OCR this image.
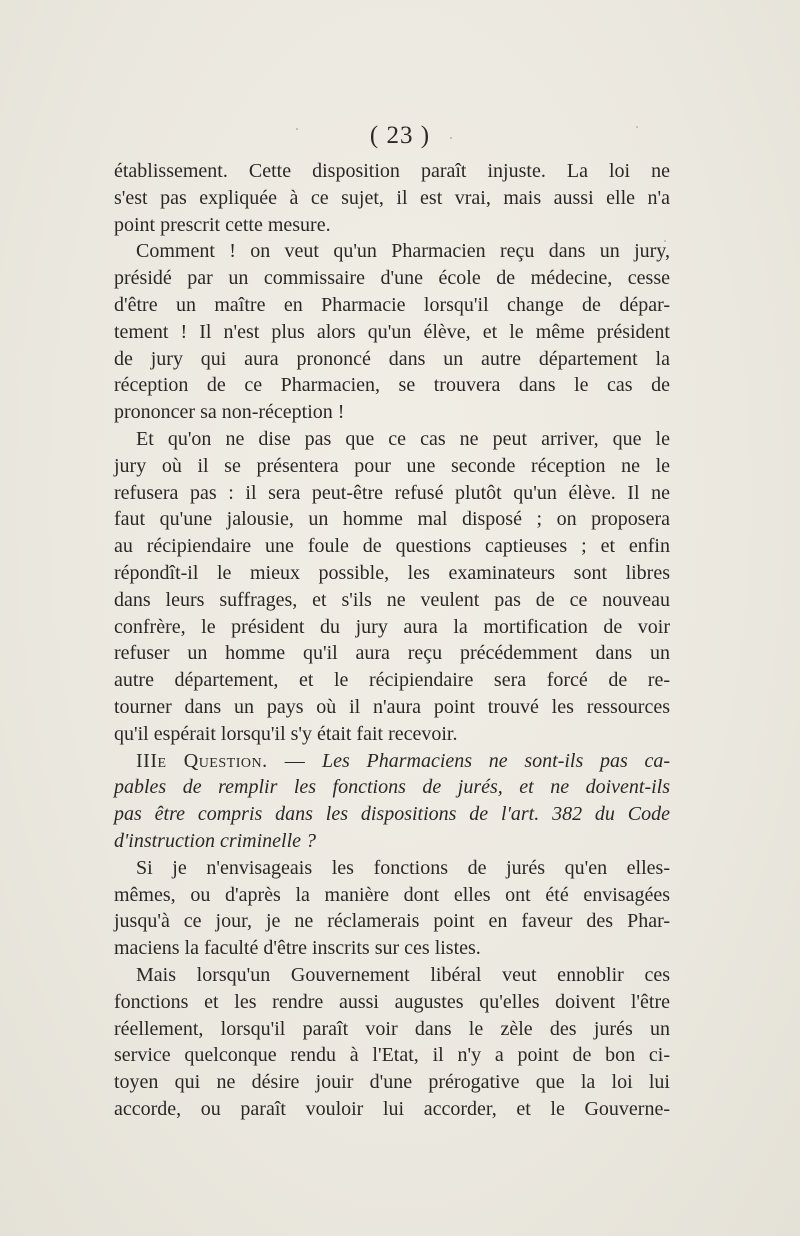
( 23 )

établissement. Cette disposition paraît injuste. La loi ne
s'est pas expliquée à ce sujet, il est vrai, mais aussi elle n'a
point prescrit cette mesure.

Comment ! on veut qu'un Pharmacien reçu dans un jury,
présidé par un commissaire d'une école de médecine, cesse
d'être un maître en Pharmacie lorsqu'il change de dépar-
tement ! Il n'est plus alors qu'un élève, et le même président
de jury qui aura prononcé dans un autre département la
réception de ce Pharmacien, se trouvera dans le cas de
prononcer sa non-réception !

Et qu'on ne dise pas que ce cas ne peut arriver, que le
jury où il se présentera pour une seconde réception ne le
refusera pas : il sera peut-être refusé plutôt qu'un élève. Il ne
faut qu'une jalousie, un homme mal disposé ; on proposera
au récipiendaire une foule de questions captieuses ; et enfin
répondît-il le mieux possible, les examinateurs sont libres
dans leurs suffrages, et s'ils ne veulent pas de ce nouveau
confrère, le président du jury aura la mortification de voir
refuser un homme qu'il aura reçu précédemment dans un
autre département, et le récipiendaire sera forcé de re-
tourner dans un pays où il n'aura point trouvé les ressources
qu'il espérait lorsqu'il s'y était fait recevoir.

IIIe Question. — Les Pharmaciens ne sont-ils pas ca-
pables de remplir les fonctions de jurés, et ne doivent-ils
pas être compris dans les dispositions de l'art. 382 du Code
d'instruction criminelle ?

Si je n'envisageais les fonctions de jurés qu'en elles-
mêmes, ou d'après la manière dont elles ont été envisagées
jusqu'à ce jour, je ne réclamerais point en faveur des Phar-
maciens la faculté d'être inscrits sur ces listes.

Mais lorsqu'un Gouvernement libéral veut ennoblir ces
fonctions et les rendre aussi augustes qu'elles doivent l'être
réellement, lorsqu'il paraît voir dans le zèle des jurés un
service quelconque rendu à l'Etat, il n'y a point de bon ci-
toyen qui ne désire jouir d'une prérogative que la loi lui
accorde, ou paraît vouloir lui accorder, et le Gouverne-
